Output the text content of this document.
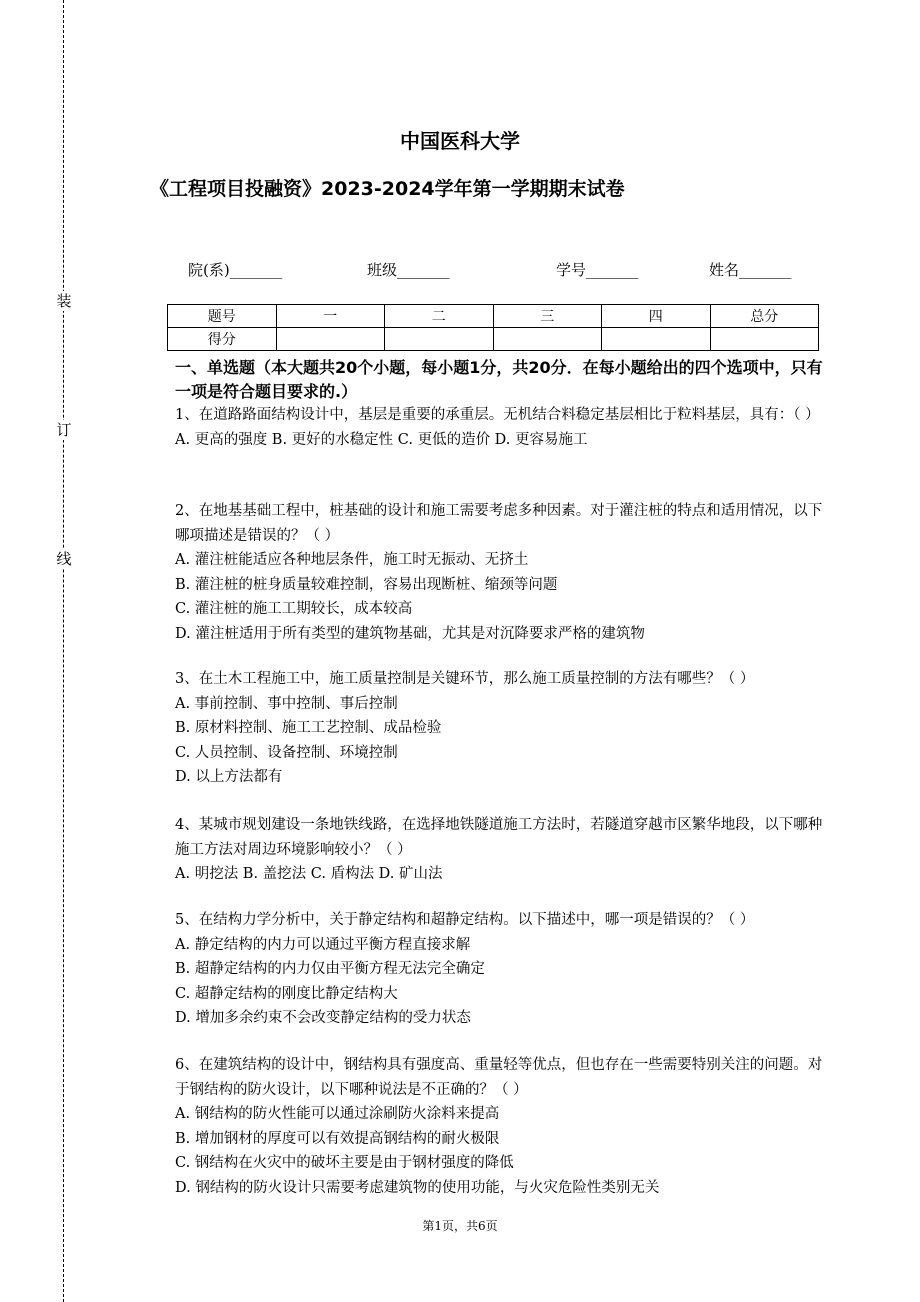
装
订
线
中国医科大学
《工程项目投融资》2023-2024学年第一学期期末试卷
院(系)_______	班级_______	学号_______	姓名_______
题号	一	二	三	四	总分
得分					
一、单选题（本大题共20个小题，每小题1分，共20分．在每小题给出的四个选项中，只有一项是符合题目要求的.）

1、在道路路面结构设计中，基层是重要的承重层。无机结合料稳定基层相比于粒料基层，具有：（ ）

A. 更高的强度 B. 更好的水稳定性 C. 更低的造价 D. 更容易施工

2、在地基基础工程中，桩基础的设计和施工需要考虑多种因素。对于灌注桩的特点和适用情况，以下哪项描述是错误的？（ ）

A. 灌注桩能适应各种地层条件，施工时无振动、无挤土

B. 灌注桩的桩身质量较难控制，容易出现断桩、缩颈等问题

C. 灌注桩的施工工期较长，成本较高

D. 灌注桩适用于所有类型的建筑物基础，尤其是对沉降要求严格的建筑物

3、在土木工程施工中，施工质量控制是关键环节，那么施工质量控制的方法有哪些？（ ）

A. 事前控制、事中控制、事后控制

B. 原材料控制、施工工艺控制、成品检验

C. 人员控制、设备控制、环境控制

D. 以上方法都有

4、某城市规划建设一条地铁线路，在选择地铁隧道施工方法时，若隧道穿越市区繁华地段，以下哪种施工方法对周边环境影响较小？（ ）

A. 明挖法 B. 盖挖法 C. 盾构法 D. 矿山法

5、在结构力学分析中，关于静定结构和超静定结构。以下描述中，哪一项是错误的？（ ）

A. 静定结构的内力可以通过平衡方程直接求解

B. 超静定结构的内力仅由平衡方程无法完全确定

C. 超静定结构的刚度比静定结构大

D. 增加多余约束不会改变静定结构的受力状态

6、在建筑结构的设计中，钢结构具有强度高、重量轻等优点，但也存在一些需要特别关注的问题。对于钢结构的防火设计，以下哪种说法是不正确的？（ ）

A. 钢结构的防火性能可以通过涂刷防火涂料来提高

B. 增加钢材的厚度可以有效提高钢结构的耐火极限

C. 钢结构在火灾中的破坏主要是由于钢材强度的降低

D. 钢结构的防火设计只需要考虑建筑物的使用功能，与火灾危险性类别无关

第1页，共6页
